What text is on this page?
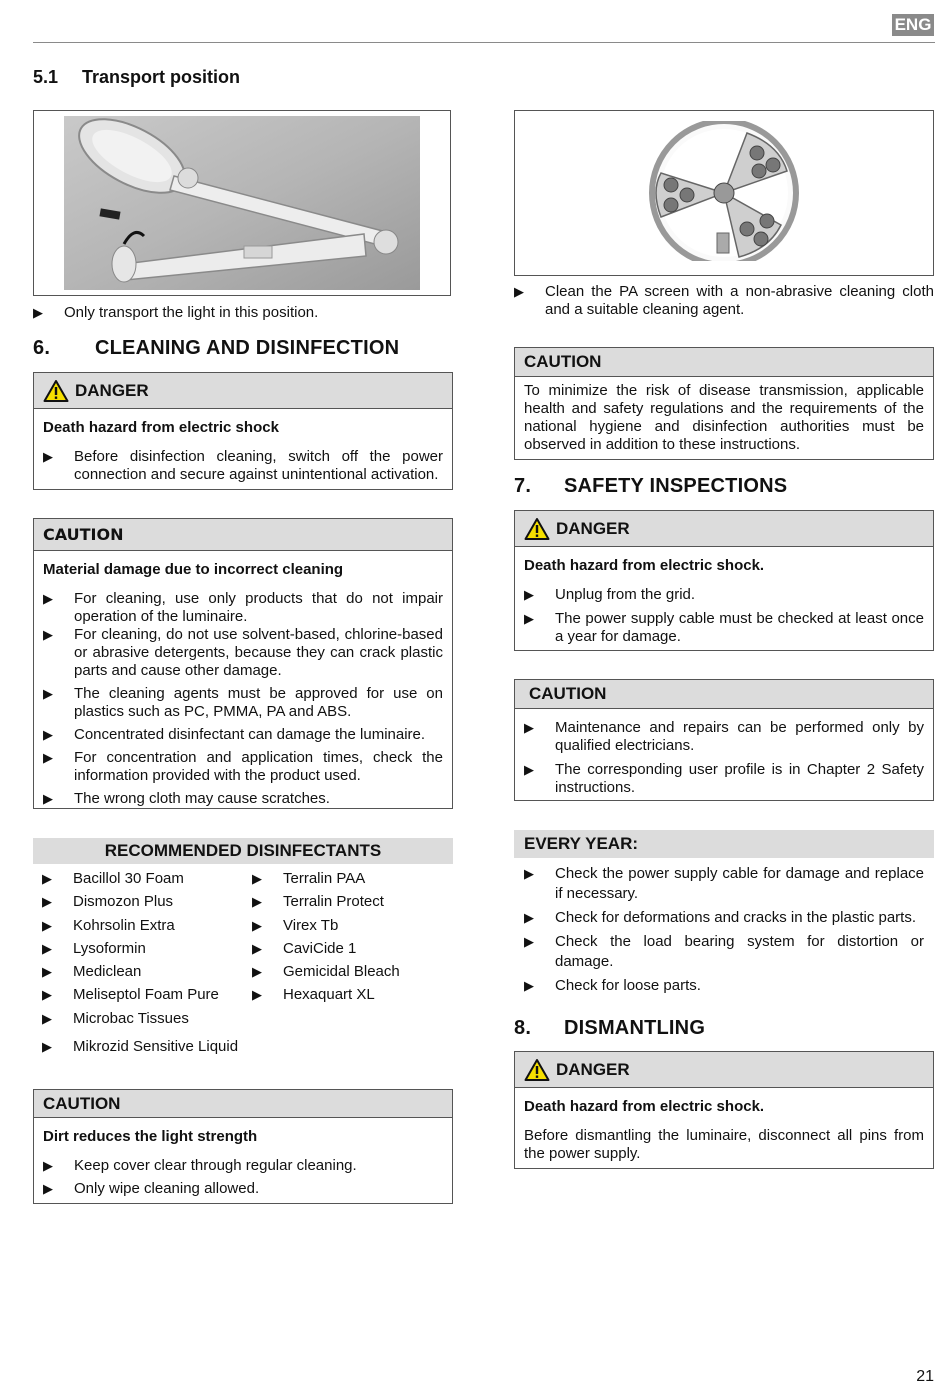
ENG
5.1 Transport position
▶ Only transport the light in this position.
6. CLEANING AND DISINFECTION
DANGER
Death hazard from electric shock
▶ Before disinfection cleaning, switch off the power connection and secure against unintentional activation.
CAUTION
Material damage due to incorrect cleaning
▶ For cleaning, use only products that do not impair operation of the luminaire.
▶ For cleaning, do not use solvent-based, chlorine-based or abrasive detergents, because they can crack plastic parts and cause other damage.
▶ The cleaning agents must be approved for use on plastics such as PC, PMMA, PA and ABS.
▶ Concentrated disinfectant can damage the luminaire.
▶ For concentration and application times, check the information provided with the product used.
▶ The wrong cloth may cause scratches.
RECOMMENDED DISINFECTANTS
▶ Bacillol 30 Foam
▶ Dismozon Plus
▶ Kohrsolin Extra
▶ Lysoformin
▶ Mediclean
▶ Meliseptol Foam Pure
▶ Microbac Tissues
▶ Mikrozid Sensitive Liquid
▶ Terralin PAA
▶ Terralin Protect
▶ Virex Tb
▶ CaviCide 1
▶ Gemicidal Bleach
▶ Hexaquart XL
CAUTION
Dirt reduces the light strength
▶ Keep cover clear through regular cleaning.
▶ Only wipe cleaning allowed.
▶ Clean the PA screen with a non-abrasive cleaning cloth and a suitable cleaning agent.
CAUTION
To minimize the risk of disease transmission, applicable health and safety regulations and the requirements of the national hygiene and disinfection authorities must be observed in addition to these instructions.
7. SAFETY INSPECTIONS
DANGER
Death hazard from electric shock.
▶ Unplug from the grid.
▶ The power supply cable must be checked at least once a year for damage.
CAUTION
▶ Maintenance and repairs can be performed only by qualified electricians.
▶ The corresponding user profile is in Chapter 2 Safety instructions.
EVERY YEAR:
▶ Check the power supply cable for damage and replace if necessary.
▶ Check for deformations and cracks in the plastic parts.
▶ Check the load bearing system for distortion or damage.
▶ Check for loose parts.
8. DISMANTLING
DANGER
Death hazard from electric shock.
Before dismantling the luminaire, disconnect all pins from the power supply.
21
